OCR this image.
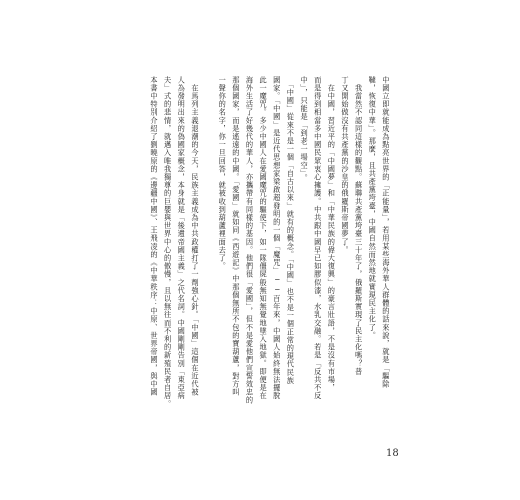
中國立即就能成為點亮世界的「正能量」，若用某些海外華人群體的話來說，就是「驅除
韃，恢復中華」。那麼，且共產黨垮臺，中國自然而然地就實現民主化了。
　我當然不認同這樣的觀點。蘇聯共產黨垮臺三十年了，俄羅斯實現了民主化嗎？普
丁又開始做沒有共產黨的沙皇的俄羅斯帝國夢了。
　在中國，習近平的「中國夢」和「中華民族的偉大復興」的豪言壯語，不是沒有市場，
而是得到相當多中國民眾衷心擁護。中共跟中國早已如膠似漆，水乳交融。若是「反共不反
中」，只能是「到老一場空」。
　「中國」從來不是一個「自古以來」就有的概念。「中國」也不是一個正常的現代民族
國家。「中國」是近代思想家梁啟超發明的一個「魔咒」──百年來，中國人始終無法擺脫
此一魔咒。多少中國人在愛國魔咒的驅使下，如一隊僵屍般無知無覺地墜入地獄。即便是在
海外生活了好幾代的華人，亦攜帶有同樣的基因。他們很「愛國」，但不是愛他們宣誓效忠的
那個國家，而是遙遠的中國。「愛國」就如同《西遊記》中那個無所不包的寶葫蘆，對方叫
一聲你的名字，你一旦回答，就被收到葫蘆裡面去了。
　在馬列主義退潮的今天，民族主義成為中共政權打了一劑強心針。「中國」這個在近代被
人為發明出來的偽國家概念，本身就是「後遺帝國主義」之代名詞。中國剛剛告別「東亞病
夫」式的悲情，就邁入唯我獨尊的巨嬰與世界中心的傲慢，且以無往而不利的新殖民者自居。
本書中特別介紹了劉曉原的《邊疆中國》、王飛凌的《中華秩序：中原、世界帝國，與中國
18
